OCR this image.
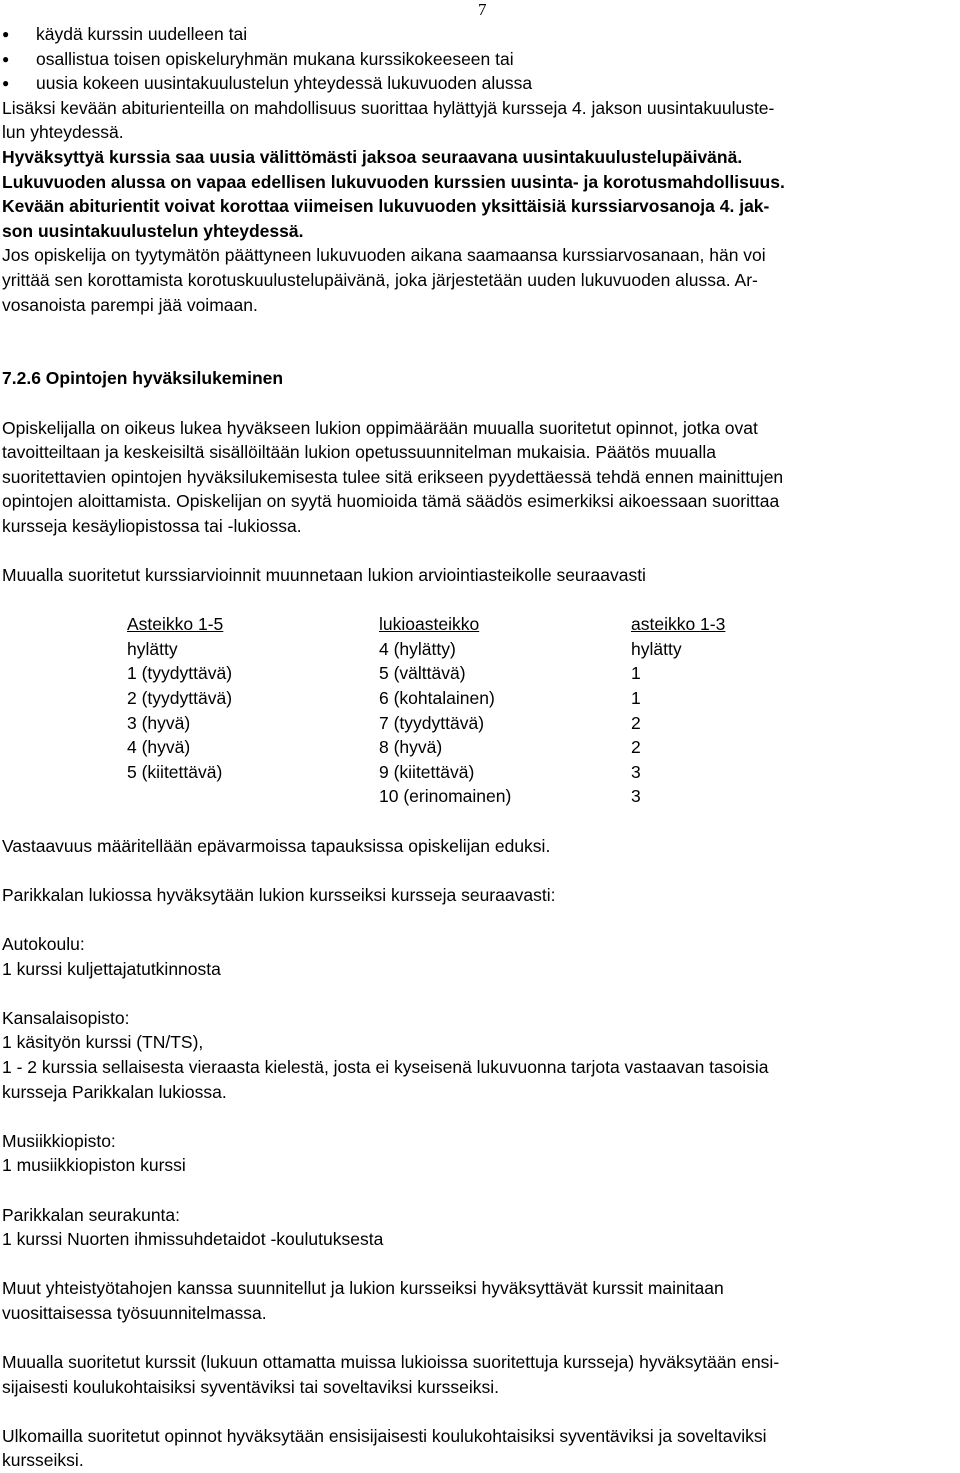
7
● käydä kurssin uudelleen tai
● osallistua toisen opiskeluryhmän mukana kurssikokeeseen tai
● uusia kokeen uusintakuulustelun yhteydessä lukuvuoden alussa
Lisäksi kevään abiturienteilla on mahdollisuus suorittaa hylättyjä kursseja 4. jakson uusintakuuluste-
lun yhteydessä.
Hyväksyttyä kurssia saa uusia välittömästi jaksoa seuraavana uusintakuulustelupäivänä.
Lukuvuoden alussa on vapaa edellisen lukuvuoden kurssien uusinta- ja korotusmahdollisuus.
Kevään abiturientit voivat korottaa viimeisen lukuvuoden yksittäisiä kurssiarvosanoja 4. jak-
son uusintakuulustelun yhteydessä.
Jos opiskelija on tyytymätön päättyneen lukuvuoden aikana saamaansa kurssiarvosanaan, hän voi
yrittää sen korottamista korotuskuulustelupäivänä, joka järjestetään uuden lukuvuoden alussa. Ar-
vosanoista parempi jää voimaan.
7.2.6 Opintojen hyväksilukeminen
Opiskelijalla on oikeus lukea hyväkseen lukion oppimäärään muualla suoritetut opinnot, jotka ovat
tavoitteiltaan ja keskeisiltä sisällöiltään lukion opetussuunnitelman mukaisia. Päätös muualla
suoritettavien opintojen hyväksilukemisesta tulee sitä erikseen pyydettäessä tehdä ennen mainittujen
opintojen aloittamista. Opiskelijan on syytä huomioida tämä säädös esimerkiksi aikoessaan suorittaa
kursseja kesäyliopistossa tai -lukiossa.
Muualla suoritetut kurssiarvioinnit muunnetaan lukion arviointiasteikolle seuraavasti
Asteikko 1-5	lukioasteikko	asteikko 1-3
hylätty	4 (hylätty)	hylätty
1 (tyydyttävä)	5 (välttävä)	1
2 (tyydyttävä)	6 (kohtalainen)	1
3 (hyvä)	7 (tyydyttävä)	2
4 (hyvä)	8 (hyvä)	2
5 (kiitettävä)	9 (kiitettävä)	3
	10 (erinomainen)	3
Vastaavuus määritellään epävarmoissa tapauksissa opiskelijan eduksi.
Parikkalan lukiossa hyväksytään lukion kursseiksi kursseja seuraavasti:
Autokoulu:
1 kurssi kuljettajatutkinnosta
Kansalaisopisto:
1 käsityön kurssi (TN/TS),
1 - 2 kurssia sellaisesta vieraasta kielestä, josta ei kyseisenä lukuvuonna tarjota vastaavan tasoisia
kursseja Parikkalan lukiossa.
Musiikkiopisto:
1 musiikkiopiston kurssi
Parikkalan seurakunta:
1 kurssi Nuorten ihmissuhdetaidot -koulutuksesta
Muut yhteistyötahojen kanssa suunnitellut ja lukion kursseiksi hyväksyttävät kurssit mainitaan
vuosittaisessa työsuunnitelmassa.
Muualla suoritetut kurssit (lukuun ottamatta muissa lukioissa suoritettuja kursseja) hyväksytään ensi-
sijaisesti koulukohtaisiksi syventäviksi tai soveltaviksi kursseiksi.
Ulkomailla suoritetut opinnot hyväksytään ensisijaisesti koulukohtaisiksi syventäviksi ja soveltaviksi
kursseiksi.
